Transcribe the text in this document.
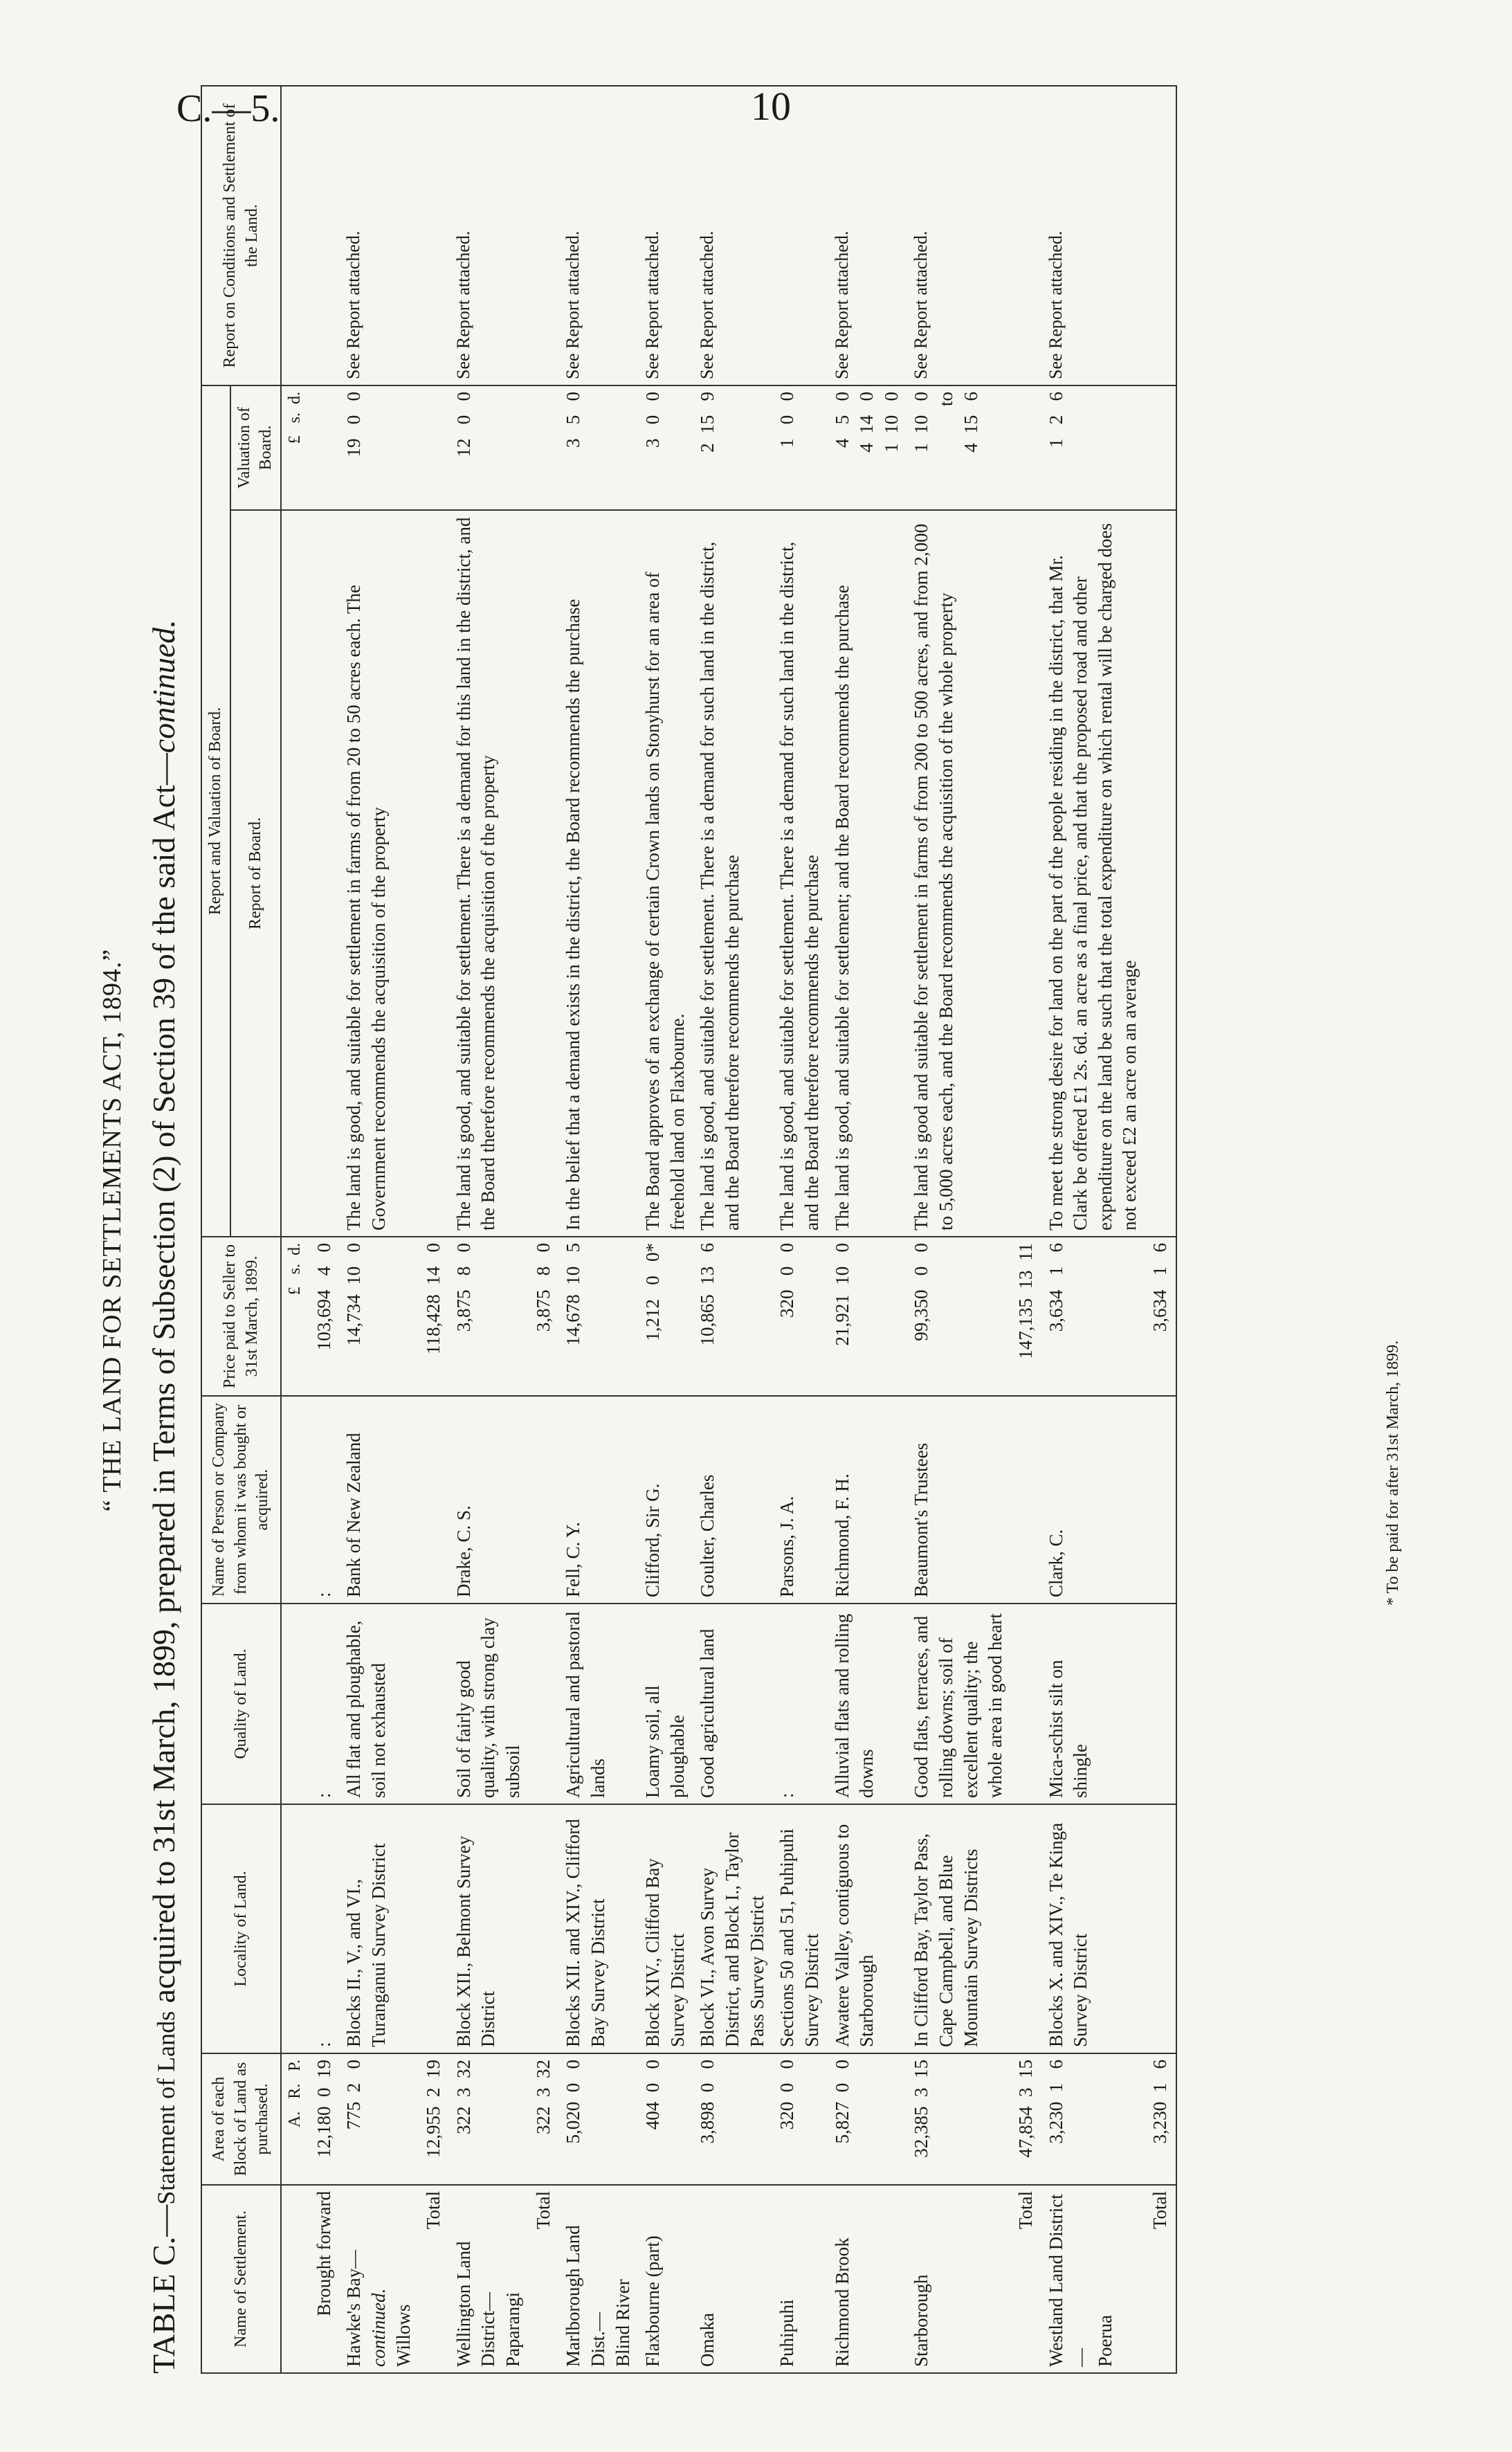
C.—5.	10
“ THE LAND FOR SETTLEMENTS ACT, 1894.”
TABLE C.—Statement of Lands acquired to 31st March, 1899, prepared in Terms of Subsection (2) of Section 39 of the said Act—continued.
Name of Settlement.	Area of each Block of Land as purchased.	Locality of Land.	Quality of Land.	Name of Person or Company from whom it was bought or acquired.	Price paid to Seller to 31st March, 1899.	Report and Valuation of Board.		Report on Conditions and Settlement of the Land.
						Report of Board.	Valuation of Board.	
	A.   R.   P.				£   s.  d.		£   s.  d.	

Brought forward	12,180  0  19	:	:	:	103,694   4   0			
Hawke's Bay— continued. Willows	775  2   0	Blocks II., V., and VI., Turanganui Survey District	All flat and ploughable, soil not exhausted	Bank of New Zealand	14,734  10   0	The land is good, and suitable for settlement in farms of from 20 to 50 acres each. The Government recommends the acquisition of the property	19   0   0	See Report attached.

Total	12,955  2  19				118,428  14   0			

Wellington Land District— Paparangi	322  3  32	Block XII., Belmont Survey District	Soil of fairly good quality, with strong clay subsoil	Drake, C. S.	3,875   8   0	The land is good, and suitable for settlement. There is a demand for this land in the district, and the Board therefore recommends the acquisition of the property	12   0   0	See Report attached.

Total	322  3  32				3,875   8   0			

Marlborough Land Dist.— Blind River	5,020  0   0	Blocks XII. and XIV., Clifford Bay Survey District	Agricultural and pastoral lands	Fell, C. Y.	14,678  10   5	In the belief that a demand exists in the district, the Board recommends the purchase	3   5   0	See Report attached.

Flaxbourne (part)	404  0   0	Block XIV., Clifford Bay Survey District	Loamy soil, all ploughable	Clifford, Sir G.	1,212   0   0*	The Board approves of an exchange of certain Crown lands on Stonyhurst for an area of freehold land on Flaxbourne.	3   0   0	See Report attached.

Omaka	3,898  0   0	Block VI., Avon Survey District, and Block I., Taylor Pass Survey District	Good agricultural land	Goulter, Charles	10,865  13   6	The land is good, and suitable for settlement. There is a demand for such land in the district, and the Board therefore recommends the purchase	2  15   9	See Report attached.

Puhipuhi	320  0   0	Sections 50 and 51, Puhipuhi Survey District	:	Parsons, J. A.	320   0   0	The land is good, and suitable for settlement. There is a demand for such land in the district, and the Board therefore recommends the purchase	1   0   0	

Richmond Brook	5,827  0   0	Awatere Valley, contiguous to Starborough	Alluvial flats and rolling downs	Richmond, F. H.	21,921  10   0	The land is good, and suitable for settlement; and the Board recommends the purchase	4   5   0
4  14   0
1  10   0	See Report attached.

Starborough	32,385  3  15	In Clifford Bay, Taylor Pass, Cape Campbell, and Blue Mountain Survey Districts	Good flats, terraces, and rolling downs; soil of excellent quality; the whole area in good heart	Beaumont's Trustees	99,350   0   0	The land is good and suitable for settlement in farms of from 200 to 500 acres, and from 2,000 to 5,000 acres each, and the Board recommends the acquisition of the whole property	1  10   0
to
4  15   6	See Report attached.

Total	47,854  3  15				147,135  13  11			

Westland Land District— Poerua	3,230  1   6	Blocks X. and XIV., Te Kinga Survey District	Mica-schist silt on shingle	Clark, C.	3,634   1   6	To meet the strong desire for land on the part of the people residing in the district, that Mr. Clark be offered £1 2s. 6d. an acre as a final price, and that the proposed road and other expenditure on the land be such that the total expenditure on which rental will be charged does not exceed £2 an acre on an average	1   2   6	See Report attached.

Total	3,230  1   6				3,634   1   6			
* To be paid for after 31st March, 1899.
